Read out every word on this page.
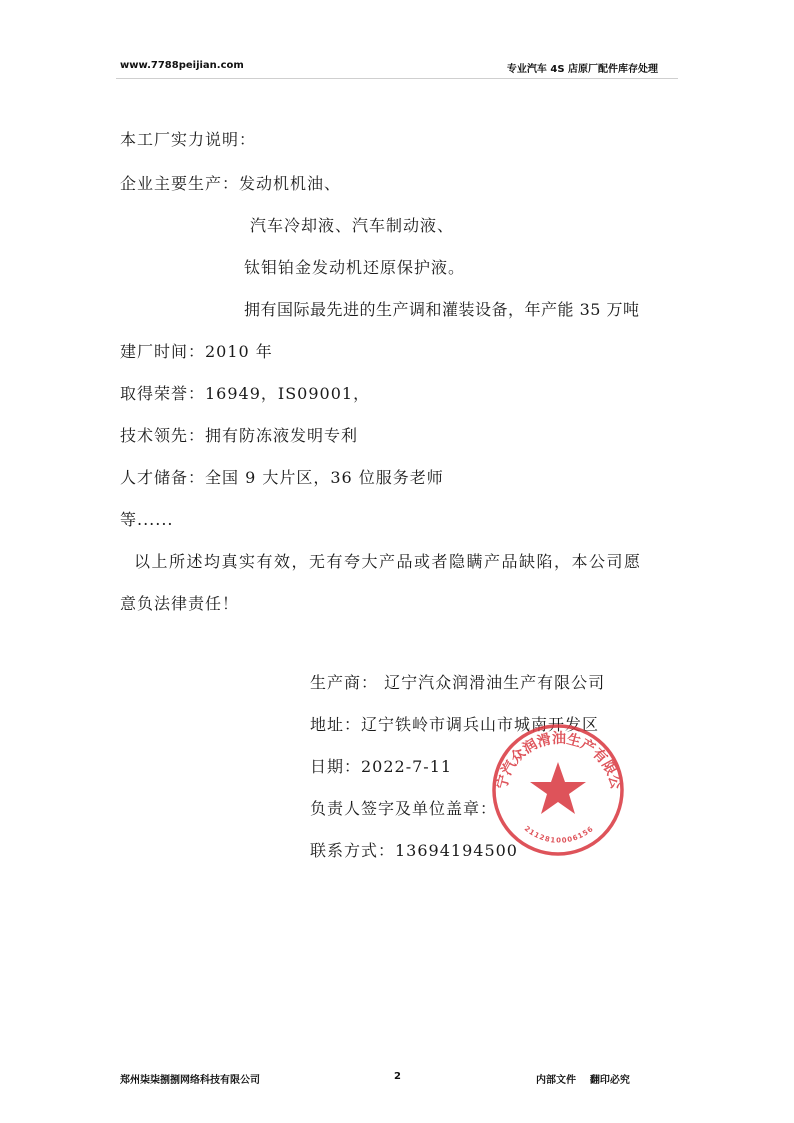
www.7788peijian.com	专业汽车 4S 店原厂配件库存处理
本工厂实力说明：
企业主要生产：发动机机油、
汽车冷却液、汽车制动液、
钛钼铂金发动机还原保护液。
拥有国际最先进的生产调和灌装设备，年产能 35 万吨
建厂时间：2010 年
取得荣誉：16949，IS09001，
技术领先：拥有防冻液发明专利
人才储备：全国 9 大片区，36 位服务老师
等......
以上所述均真实有效，无有夸大产品或者隐瞒产品缺陷，本公司愿
意负法律责任！
生产商： 辽宁汽众润滑油生产有限公司
地址：辽宁铁岭市调兵山市城南开发区
日期：2022-7-11
负责人签字及单位盖章：
联系方式：13694194500
辽宁汽众润滑油生产有限公司
2112810006156
郑州柒柒捌捌网络科技有限公司	2	内部文件    翻印必究
